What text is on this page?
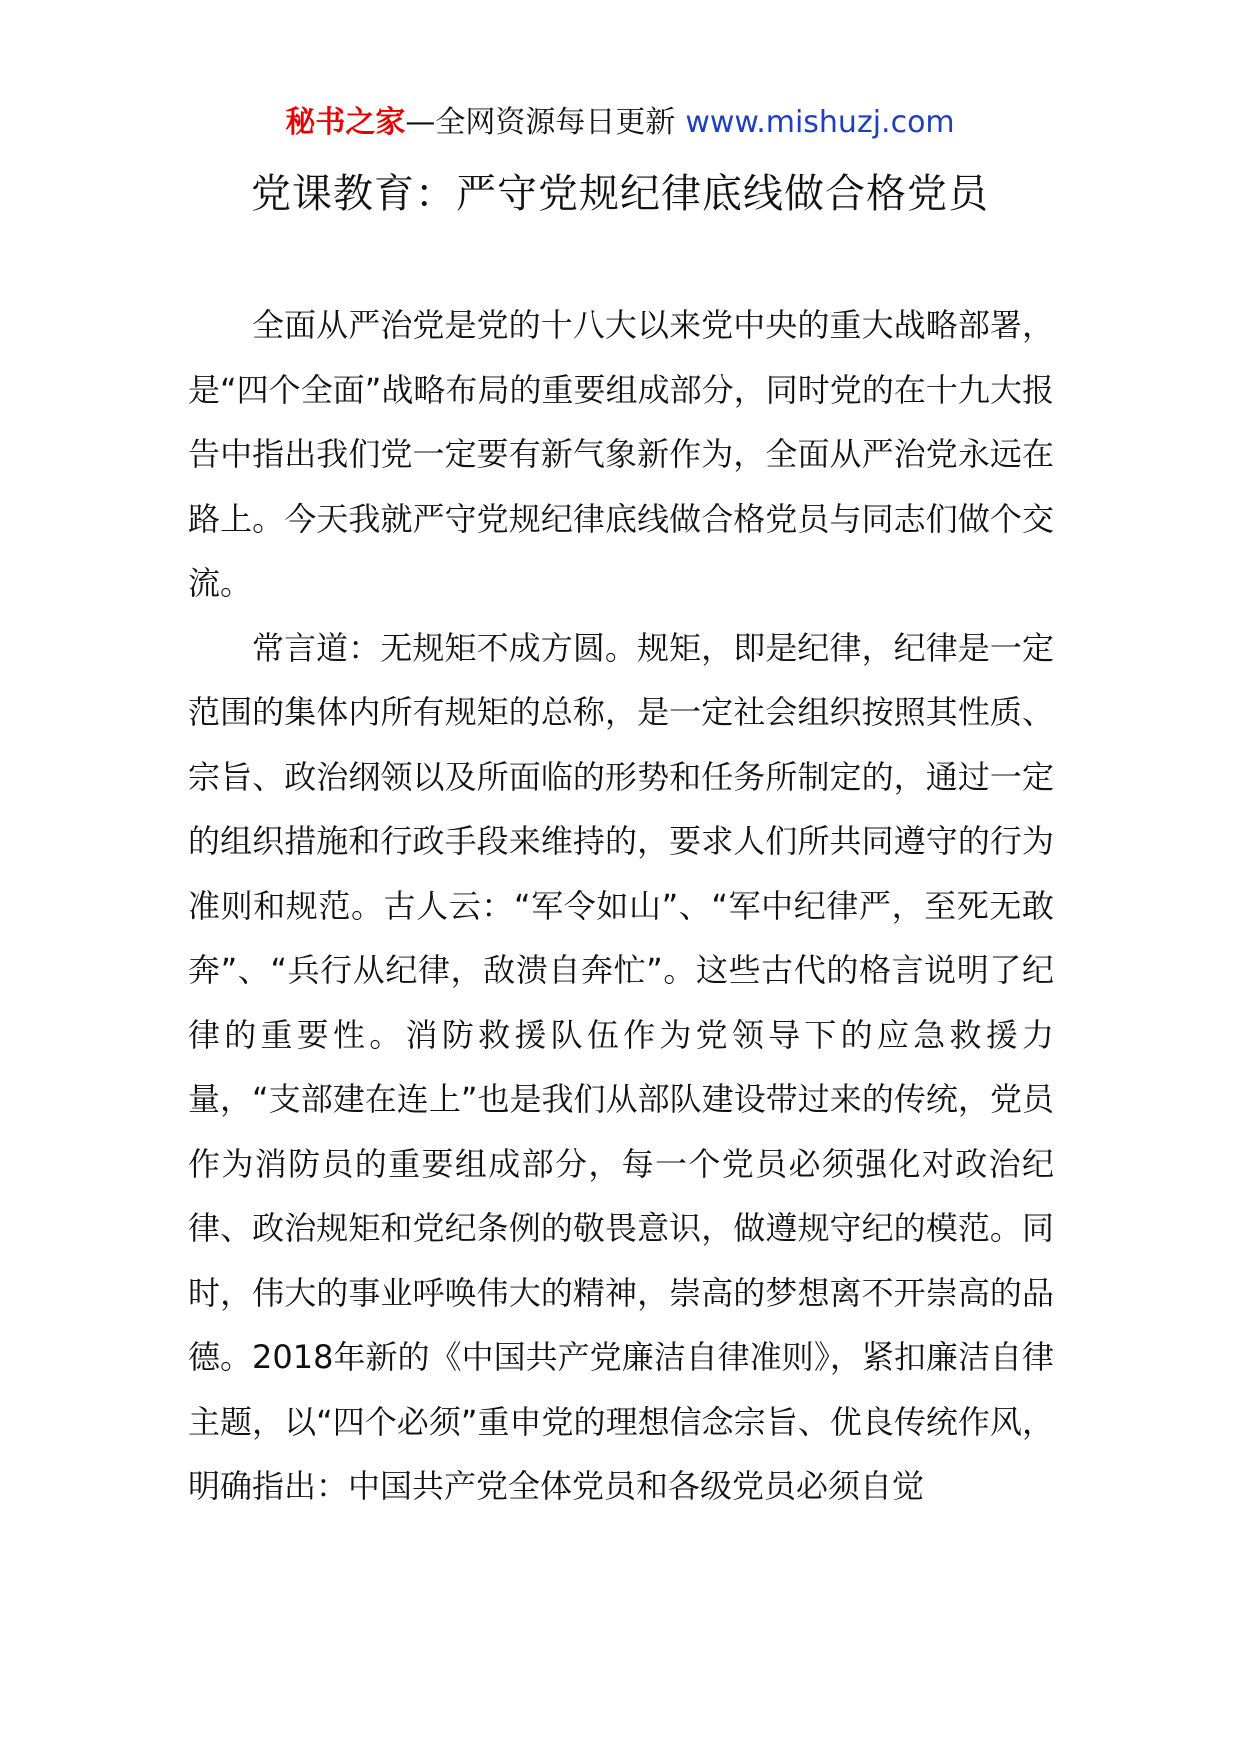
秘书之家—全网资源每日更新 www.mishuzj.com
党课教育：严守党规纪律底线做合格党员

全面从严治党是党的十八大以来党中央的重大战略部署，是“四个全面”战略布局的重要组成部分，同时党的在十九大报告中指出我们党一定要有新气象新作为，全面从严治党永远在路上。今天我就严守党规纪律底线做合格党员与同志们做个交流。

常言道：无规矩不成方圆。规矩，即是纪律，纪律是一定范围的集体内所有规矩的总称，是一定社会组织按照其性质、宗旨、政治纲领以及所面临的形势和任务所制定的，通过一定的组织措施和行政手段来维持的，要求人们所共同遵守的行为准则和规范。古人云：“军令如山”、“军中纪律严，至死无敢奔”、“兵行从纪律，敌溃自奔忙”。这些古代的格言说明了纪律的重要性。消防救援队伍作为党领导下的应急救援力量，“支部建在连上”也是我们从部队建设带过来的传统，党员作为消防员的重要组成部分，每一个党员必须强化对政治纪律、政治规矩和党纪条例的敬畏意识，做遵规守纪的模范。同时，伟大的事业呼唤伟大的精神，崇高的梦想离不开崇高的品德。2018年新的《中国共产党廉洁自律准则》，紧扣廉洁自律主题，以“四个必须”重申党的理想信念宗旨、优良传统作风，明确指出：中国共产党全体党员和各级党员必须自觉
